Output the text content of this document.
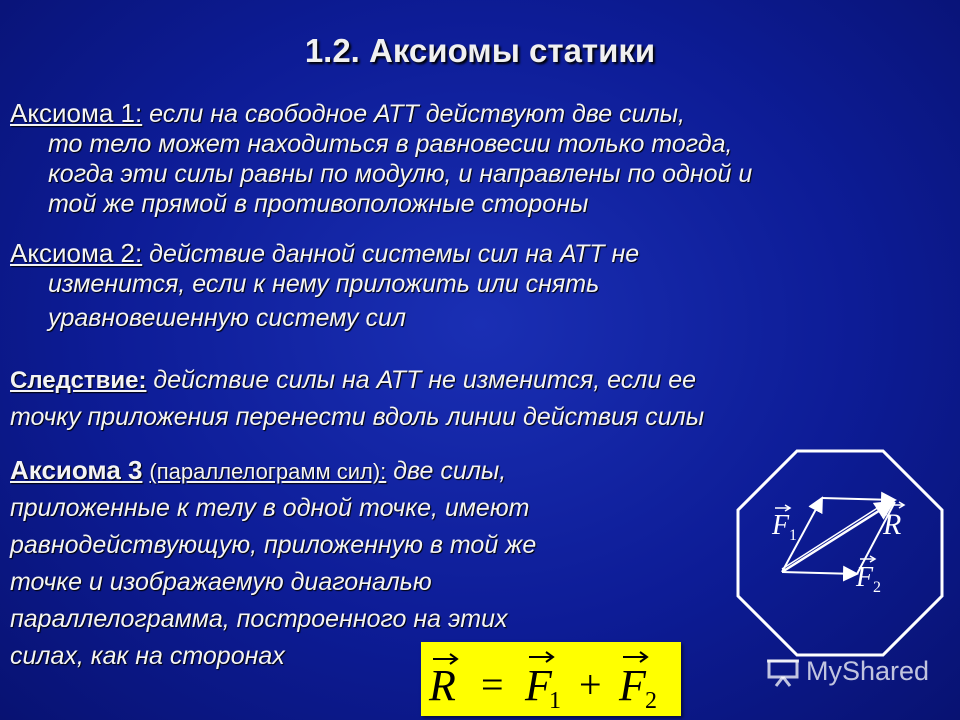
1.2. Аксиомы статики
Аксиома 1: если на свободное АТТ действуют две силы,
то тело может находиться в равновесии только тогда,
когда эти силы равны по модулю, и направлены по одной и
той же прямой в противоположные стороны
Аксиома 2: действие данной системы сил на АТТ не
изменится, если к нему приложить или снять
уравновешенную систему сил
Следствие: действие силы на АТТ не изменится, если ее
точку приложения перенести вдоль линии действия силы
Аксиома 3 (параллелограмм сил): две силы,
приложенные к телу в одной точке, имеют
равнодействующую, приложенную в той же
точке и изображаемую диагональю
параллелограмма, построенного на этих
силах, как на сторонах
F 1	R
F 2
R = F
1 + F 2
MyShared
